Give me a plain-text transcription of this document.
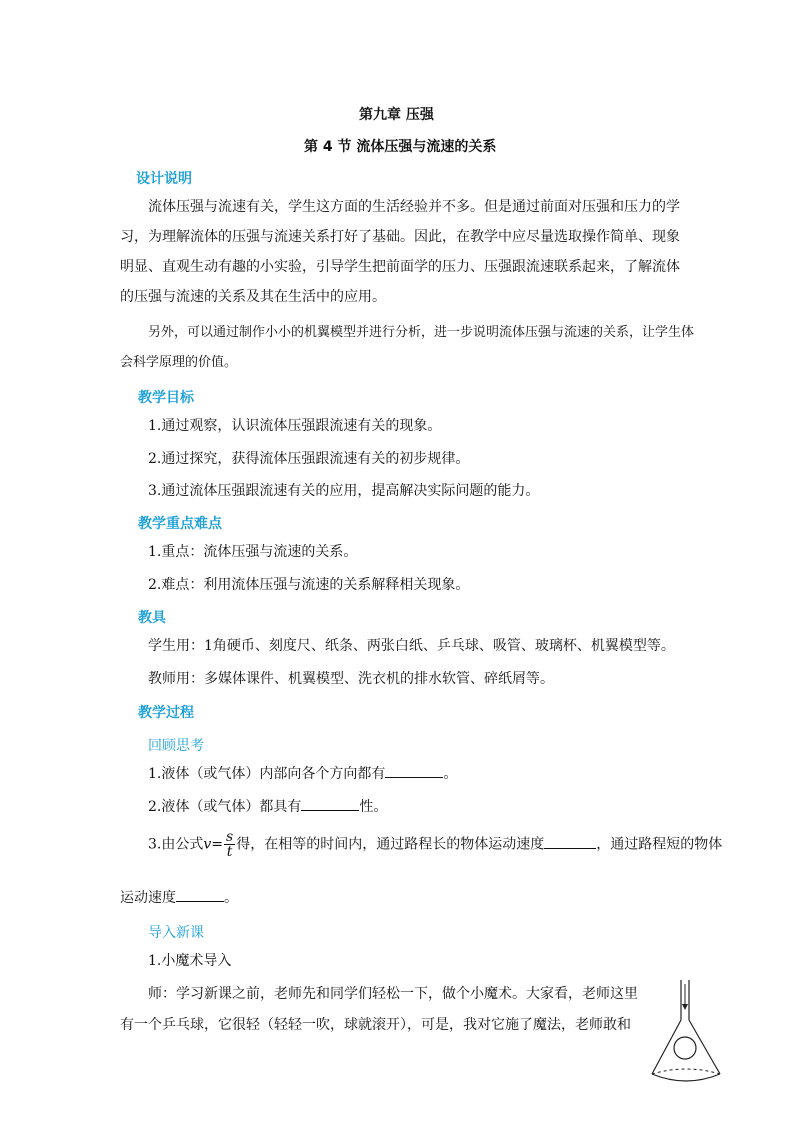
第九章 压强
第 4 节 流体压强与流速的关系
设计说明
流体压强与流速有关，学生这方面的生活经验并不多。但是通过前面对压强和压力的学
习，为理解流体的压强与流速关系打好了基础。因此，在教学中应尽量选取操作简单、现象
明显、直观生动有趣的小实验，引导学生把前面学的压力、压强跟流速联系起来，了解流体
的压强与流速的关系及其在生活中的应用。
另外，可以通过制作小小的机翼模型并进行分析，进一步说明流体压强与流速的关系，让学生体
会科学原理的价值。
教学目标
1.通过观察，认识流体压强跟流速有关的现象。
2.通过探究，获得流体压强跟流速有关的初步规律。
3.通过流体压强跟流速有关的应用，提高解决实际问题的能力。
教学重点难点
1.重点：流体压强与流速的关系。
2.难点：利用流体压强与流速的关系解释相关现象。
教具
学生用：1角硬币、刻度尺、纸条、两张白纸、乒乓球、吸管、玻璃杯、机翼模型等。
教师用：多媒体课件、机翼模型、洗衣机的排水软管、碎纸屑等。
教学过程
回顾思考
1.液体（或气体）内部向各个方向都有	。
2.液体（或气体）都具有	性。
3.由公式$v= \frac{s}{t}$ 得，在相等的时间内，通过路程长的物体运动速度	，通过路程短的物体
运动速度	。
导入新课
1.小魔术导入
师：学习新课之前，老师先和同学们轻松一下，做个小魔术。大家看，老师这里
有一个乒乓球，它很轻（轻轻一吹，球就滚开），可是，我对它施了魔法，老师敢和
